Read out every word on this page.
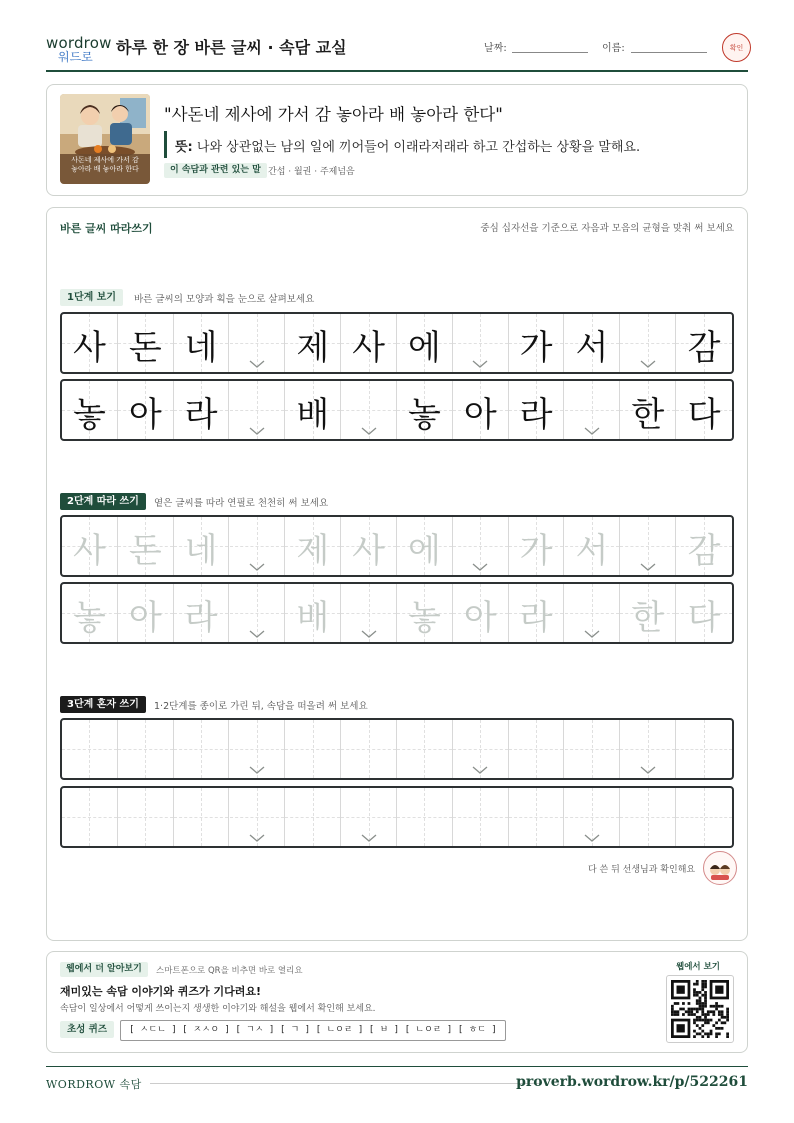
wordrow
워드로 하루 한 장 바른 글씨 · 속담 교실	날짜:	이름:	확인
사돈네 제사에 가서 감
놓아라 배 놓아라 한다
"사돈네 제사에 가서 감 놓아라 배 놓아라 한다"
뜻: 나와 상관없는 남의 일에 끼어들어 이래라저래라 하고 간섭하는 상황을 말해요.
이 속담과 관련 있는 말 간섭 · 월권 · 주제넘음
바른 글씨 따라쓰기	중심 십자선을 기준으로 자음과 모음의 균형을 맞춰 써 보세요
1단계 보기	바른 글씨의 모양과 획을 눈으로 살펴보세요
사 돈 네	제 사 에	가 서	감
놓 아 라	배	놓 아 라	한 다
2단계 따라 쓰기	옅은 글씨를 따라 연필로 천천히 써 보세요
사 돈 네	제 사 에	가 서	감
놓 아 라	배	놓 아 라	한 다
3단계 혼자 쓰기	1·2단계를 종이로 가린 뒤, 속담을 떠올려 써 보세요
다 쓴 뒤 선생님과 확인해요
웹에서 더 알아보기	스마트폰으로 QR을 비추면 바로 열리요
재미있는 속담 이야기와 퀴즈가 기다려요!
속담이 일상에서 어떻게 쓰이는지 생생한 이야기와 해설을 웹에서 확인해 보세요.
초성 퀴즈	[ ㅅㄷㄴ ] [ ㅈㅅㅇ ] [ ㄱㅅ ] [ ㄱ ] [ ㄴㅇㄹ ] [ ㅂ ] [ ㄴㅇㄹ ] [ ㅎㄷ ]
웹에서 보기
WORDROW 속담	proverb.wordrow.kr/p/522261
